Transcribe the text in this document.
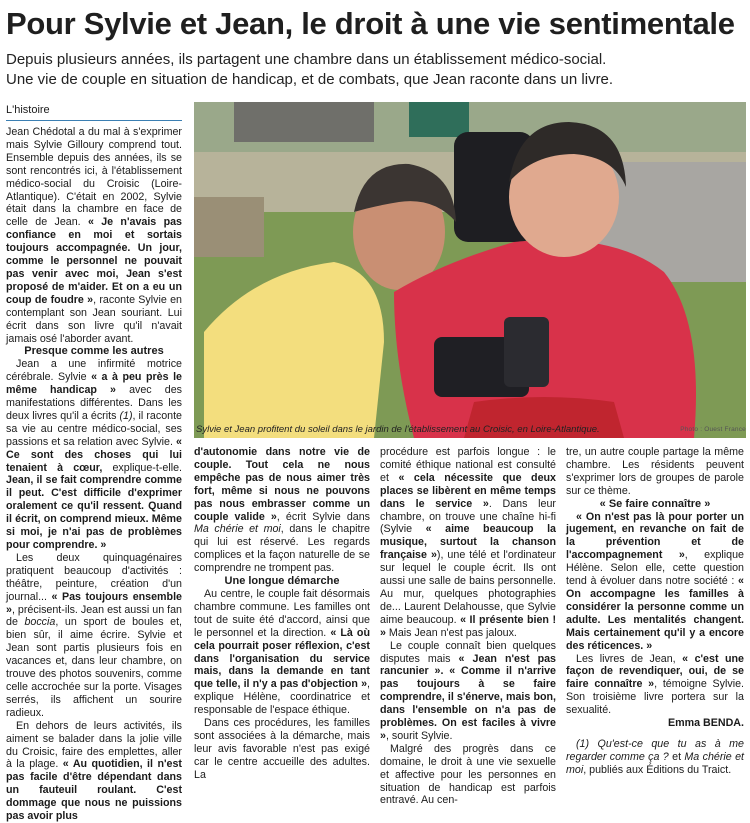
Pour Sylvie et Jean, le droit à une vie sentimentale
Depuis plusieurs années, ils partagent une chambre dans un établissement médico-social.
Une vie de couple en situation de handicap, et de combats, que Jean raconte dans un livre.
L'histoire
Sylvie et Jean profitent du soleil dans le jardin de l'établissement au Croisic, en Loire-Atlantique.	Photo : Ouest France

Jean Chédotal a du mal à s'exprimer mais Sylvie Gilloury comprend tout. Ensemble depuis des années, ils se sont rencontrés ici, à l'établissement médico-social du Croisic (Loire-Atlantique). C'était en 2002, Sylvie était dans la chambre en face de celle de Jean. « Je n'avais pas confiance en moi et sortais toujours accompagnée. Un jour, comme le personnel ne pouvait pas venir avec moi, Jean s'est proposé de m'aider. Et on a eu un coup de foudre », raconte Sylvie en contemplant son Jean souriant. Lui écrit dans son livre qu'il n'avait jamais osé l'aborder avant.

Presque comme les autres

Jean a une infirmité motrice cérébrale. Sylvie « a à peu près le même handicap » avec des manifestations différentes. Dans les deux livres qu'il a écrits (1), il raconte sa vie au centre médico-social, ses passions et sa relation avec Sylvie. « Ce sont des choses qui lui tenaient à cœur, explique-t-elle. Jean, il se fait comprendre comme il peut. C'est difficile d'exprimer oralement ce qu'il ressent. Quand il écrit, on comprend mieux. Même si moi, je n'ai pas de problèmes pour comprendre. »

Les deux quinquagénaires pratiquent beaucoup d'activités : théâtre, peinture, création d'un journal... « Pas toujours ensemble », précisent-ils. Jean est aussi un fan de boccia, un sport de boules et, bien sûr, il aime écrire. Sylvie et Jean sont partis plusieurs fois en vacances et, dans leur chambre, on trouve des photos souvenirs, comme celle accrochée sur la porte. Visages serrés, ils affichent un sourire radieux.

En dehors de leurs activités, ils aiment se balader dans la jolie ville du Croisic, faire des emplettes, aller à la plage. « Au quotidien, il n'est pas facile d'être dépendant dans un fauteuil roulant. C'est dommage que nous ne puissions pas avoir plus

d'autonomie dans notre vie de couple. Tout cela ne nous empêche pas de nous aimer très fort, même si nous ne pouvons pas nous embrasser comme un couple valide », écrit Sylvie dans Ma chérie et moi, dans le chapitre qui lui est réservé. Les regards complices et la façon naturelle de se comprendre ne trompent pas.

Une longue démarche

Au centre, le couple fait désormais chambre commune. Les familles ont tout de suite été d'accord, ainsi que le personnel et la direction. « Là où cela pourrait poser réflexion, c'est dans l'organisation du service mais, dans la demande en tant que telle, il n'y a pas d'objection », explique Hélène, coordinatrice et responsable de l'espace éthique.

Dans ces procédures, les familles sont associées à la démarche, mais leur avis favorable n'est pas exigé car le centre accueille des adultes. La

procédure est parfois longue : le comité éthique national est consulté et « cela nécessite que deux places se libèrent en même temps dans le service ». Dans leur chambre, on trouve une chaîne hi-fi (Sylvie « aime beaucoup la musique, surtout la chanson française »), une télé et l'ordinateur sur lequel le couple écrit. Ils ont aussi une salle de bains personnelle. Au mur, quelques photographies de... Laurent Delahousse, que Sylvie aime beaucoup. « Il présente bien ! » Mais Jean n'est pas jaloux.

Le couple connaît bien quelques disputes mais « Jean n'est pas rancunier ». « Comme il n'arrive pas toujours à se faire comprendre, il s'énerve, mais bon, dans l'ensemble on n'a pas de problèmes. On est faciles à vivre », sourit Sylvie.

Malgré des progrès dans ce domaine, le droit à une vie sexuelle et affective pour les personnes en situation de handicap est parfois entravé. Au cen-

tre, un autre couple partage la même chambre. Les résidents peuvent s'exprimer lors de groupes de parole sur ce thème.

« Se faire connaître »

« On n'est pas là pour porter un jugement, en revanche on fait de la prévention et de l'accompagnement », explique Hélène. Selon elle, cette question tend à évoluer dans notre société : « On accompagne les familles à considérer la personne comme un adulte. Les mentalités changent. Mais certainement qu'il y a encore des réticences. »

Les livres de Jean, « c'est une façon de revendiquer, oui, de se faire connaître », témoigne Sylvie. Son troisième livre portera sur la sexualité.

Emma BENDA.

(1) Qu'est-ce que tu as à me regarder comme ça ? et Ma chérie et moi, publiés aux Éditions du Traict.
